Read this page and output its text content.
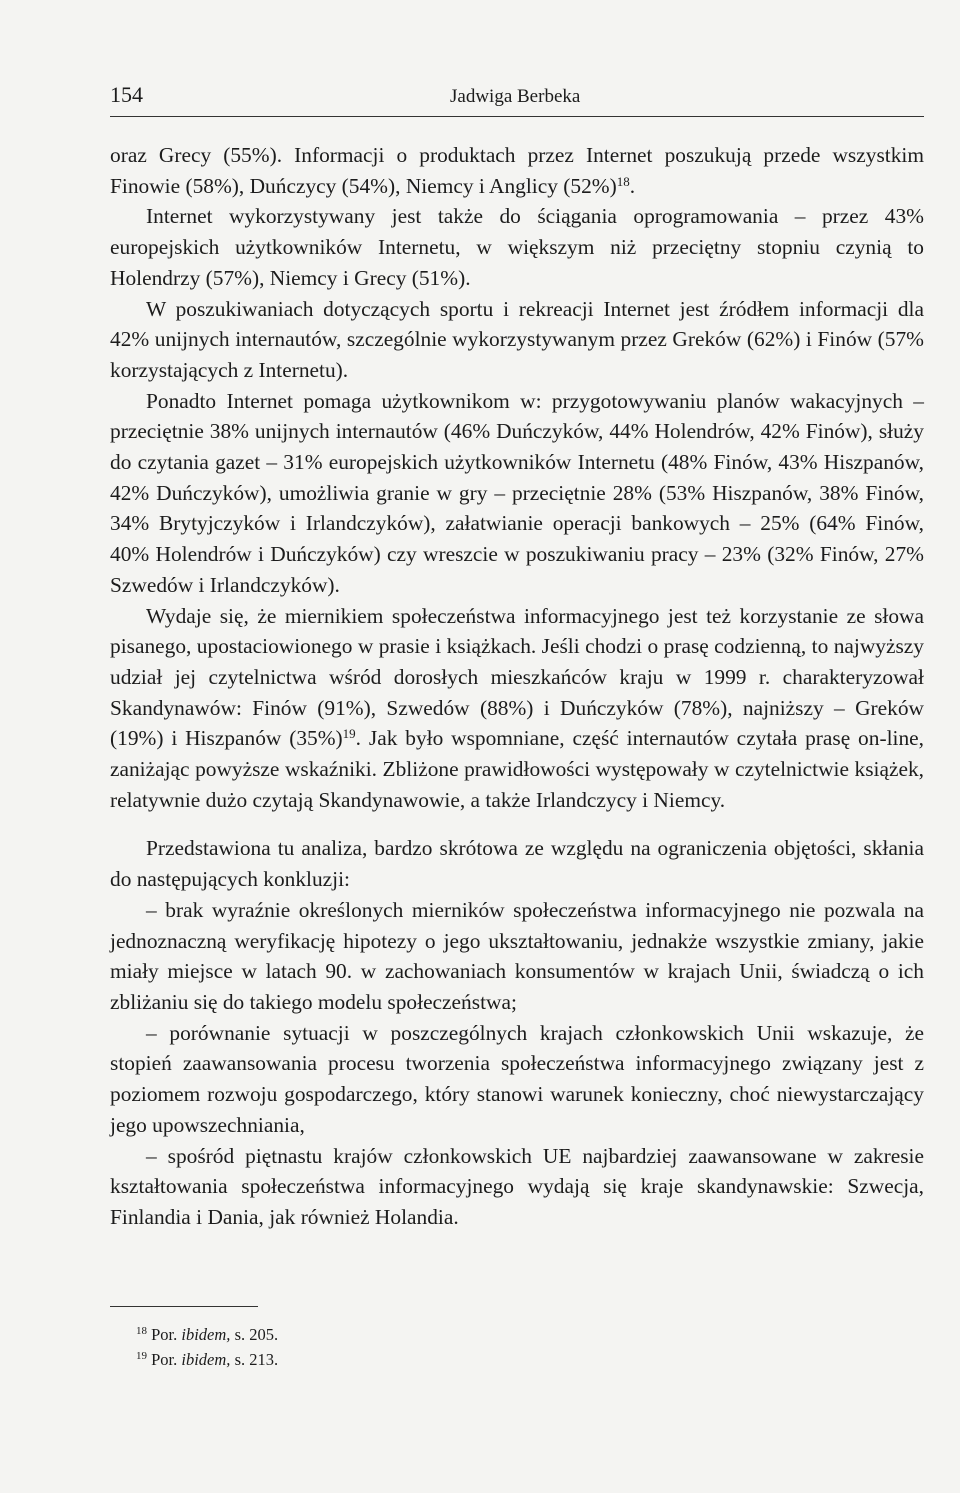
154	Jadwiga Berbeka

oraz Grecy (55%). Informacji o produktach przez Internet poszukują przede wszystkim Finowie (58%), Duńczycy (54%), Niemcy i Anglicy $(52\%)^{18}$.

Internet wykorzystywany jest także do ściągania oprogramowania – przez 43% europejskich użytkowników Internetu, w większym niż przeciętny stopniu czynią to Holendrzy (57%), Niemcy i Grecy (51%).

W poszukiwaniach dotyczących sportu i rekreacji Internet jest źródłem informacji dla 42% unijnych internautów, szczególnie wykorzystywanym przez Greków (62%) i Finów (57% korzystających z Internetu).

Ponadto Internet pomaga użytkownikom w: przygotowywaniu planów wakacyjnych – przeciętnie 38% unijnych internautów (46% Duńczyków, 44% Holendrów, 42% Finów), służy do czytania gazet – 31% europejskich użytkowników Internetu (48% Finów, 43% Hiszpanów, 42% Duńczyków), umożliwia granie w gry – przeciętnie 28% (53% Hiszpanów, 38% Finów, 34% Brytyjczyków i Irlandczyków), załatwianie operacji bankowych – 25% (64% Finów, 40% Holendrów i Duńczyków) czy wreszcie w poszukiwaniu pracy – 23% (32% Finów, 27% Szwedów i Irlandczyków).

Wydaje się, że miernikiem społeczeństwa informacyjnego jest też korzystanie ze słowa pisanego, upostaciowionego w prasie i książkach. Jeśli chodzi o prasę codzienną, to najwyższy udział jej czytelnictwa wśród dorosłych mieszkańców kraju w 1999 r. charakteryzował Skandynawów: Finów (91%), Szwedów (88%) i Duńczyków (78%), najniższy – Greków (19%) i Hiszpanów $(35\%)^{19}$. Jak było wspomniane, część internautów czytała prasę on-line, zaniżając powyższe wskaźniki. Zbliżone prawidłowości występowały w czytelnictwie książek, relatywnie dużo czytają Skandynawowie, a także Irlandczycy i Niemcy.

Przedstawiona tu analiza, bardzo skrótowa ze względu na ograniczenia objętości, skłania do następujących konkluzji:

– brak wyraźnie określonych mierników społeczeństwa informacyjnego nie pozwala na jednoznaczną weryfikację hipotezy o jego ukształtowaniu, jednakże wszystkie zmiany, jakie miały miejsce w latach 90. w zachowaniach konsumentów w krajach Unii, świadczą o ich zbliżaniu się do takiego modelu społeczeństwa;

– porównanie sytuacji w poszczególnych krajach członkowskich Unii wskazuje, że stopień zaawansowania procesu tworzenia społeczeństwa informacyjnego związany jest z poziomem rozwoju gospodarczego, który stanowi warunek konieczny, choć niewystarczający jego upowszechniania,

– spośród piętnastu krajów członkowskich UE najbardziej zaawansowane w zakresie kształtowania społeczeństwa informacyjnego wydają się kraje skandynawskie: Szwecja, Finlandia i Dania, jak również Holandia.

$^{18}$ Por. ibidem, s. 205.
$^{19}$ Por. ibidem, s. 213.
